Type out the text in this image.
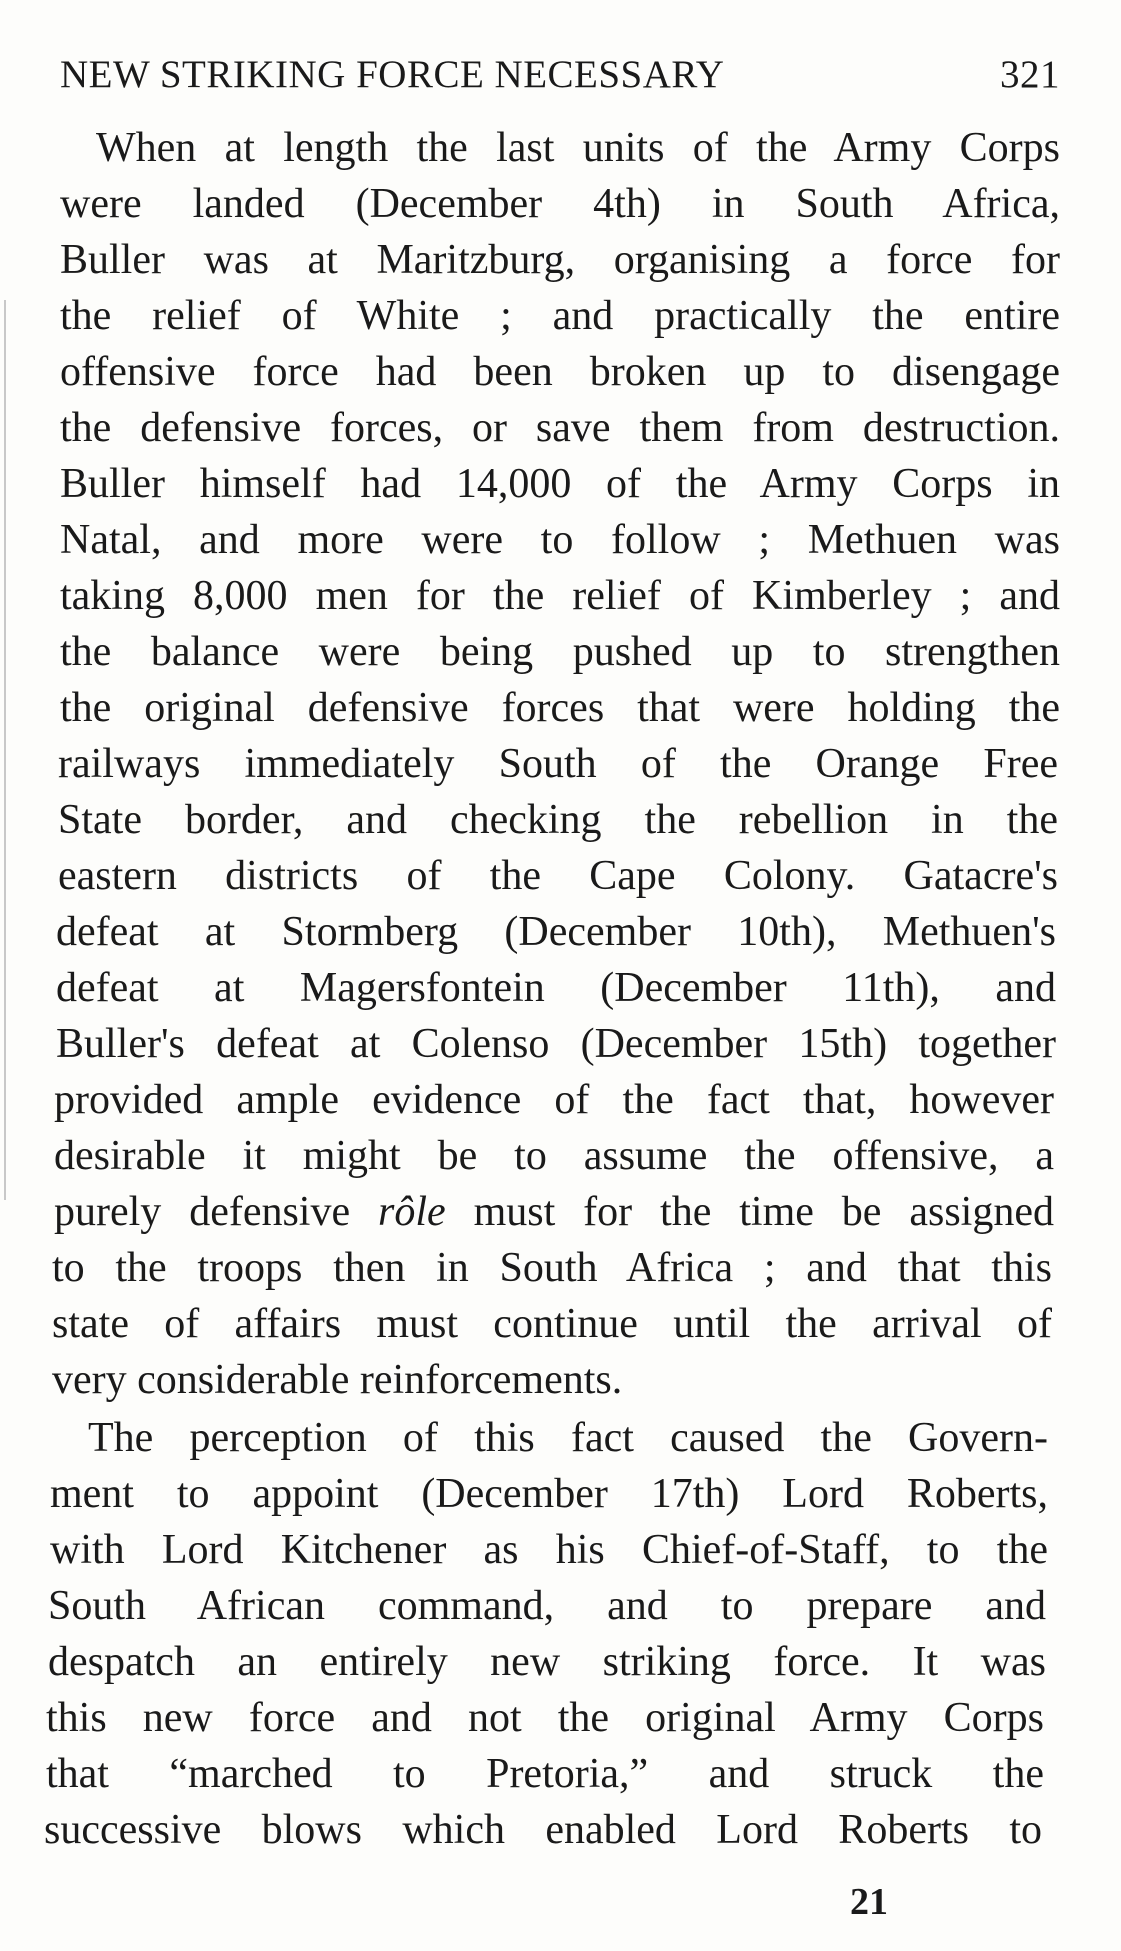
NEW STRIKING FORCE NECESSARY	321
When at length the last units of the Army Corps
were landed (December 4th) in South Africa,
Buller was at Maritzburg, organising a force for
the relief of White ; and practically the entire
offensive force had been broken up to disengage
the defensive forces, or save them from destruction.
Buller himself had 14,000 of the Army Corps in
Natal, and more were to follow ; Methuen was
taking 8,000 men for the relief of Kimberley ; and
the balance were being pushed up to strengthen
the original defensive forces that were holding the
railways immediately South of the Orange Free
State border, and checking the rebellion in the
eastern districts of the Cape Colony. Gatacre's
defeat at Stormberg (December 10th), Methuen's
defeat at Magersfontein (December 11th), and
Buller's defeat at Colenso (December 15th) together
provided ample evidence of the fact that, however
desirable it might be to assume the offensive, a
purely defensive rôle must for the time be assigned
to the troops then in South Africa ; and that this
state of affairs must continue until the arrival of
very considerable reinforcements.
The perception of this fact caused the Govern-
ment to appoint (December 17th) Lord Roberts,
with Lord Kitchener as his Chief-of-Staff, to the
South African command, and to prepare and
despatch an entirely new striking force. It was
this new force and not the original Army Corps
that “marched to Pretoria,” and struck the
successive blows which enabled Lord Roberts to
21
